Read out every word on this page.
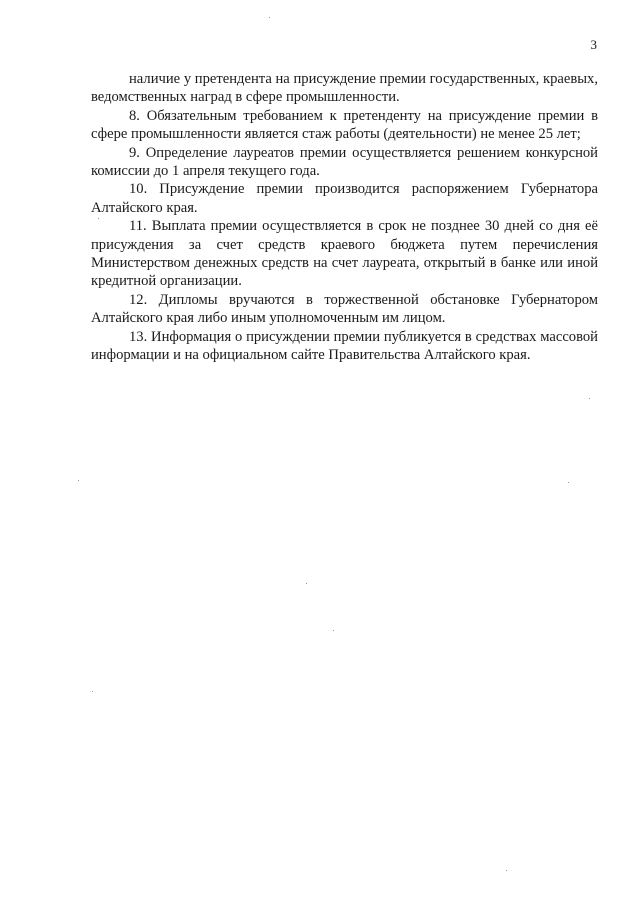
3

наличие у претендента на присуждение премии государственных, краевых, ведомственных наград в сфере промышленности.

8. Обязательным требованием к претенденту на присуждение премии в сфере промышленности является стаж работы (деятельности) не менее 25 лет;

9. Определение лауреатов премии осуществляется решением конкурсной комиссии до 1 апреля текущего года.

10. Присуждение премии производится распоряжением Губернатора Алтайского края.

11. Выплата премии осуществляется в срок не позднее 30 дней со дня её присуждения за счет средств краевого бюджета путем перечисления Министерством денежных средств на счет лауреата, открытый в банке или иной кредитной организации.

12. Дипломы вручаются в торжественной обстановке Губернатором Алтайского края либо иным уполномоченным им лицом.

13. Информация о присуждении премии публикуется в средствах массовой информации и на официальном сайте Правительства Алтайского края.
